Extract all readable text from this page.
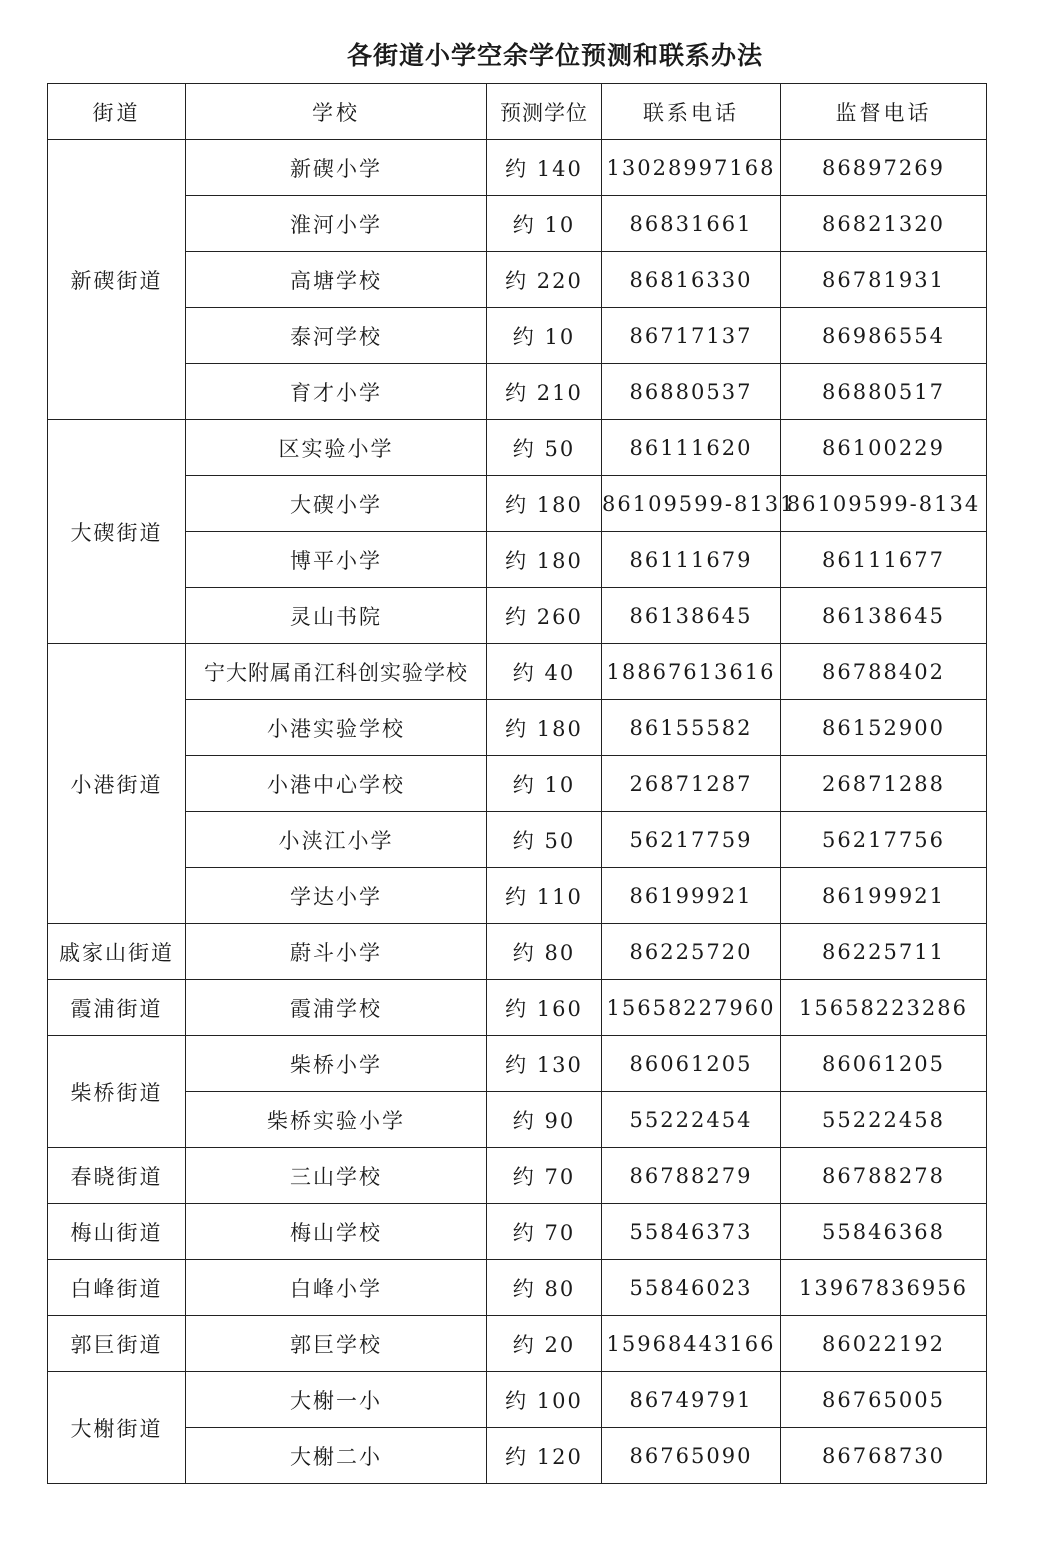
各街道小学空余学位预测和联系办法
街道	学校	预测学位	联系电话	监督电话
新碶街道	新碶小学	约 140	13028997168	86897269
	淮河小学	约 10	86831661	86821320
	高塘学校	约 220	86816330	86781931
	泰河学校	约 10	86717137	86986554
	育才小学	约 210	86880537	86880517
大碶街道	区实验小学	约 50	86111620	86100229
	大碶小学	约 180	86109599-8131	86109599-8134
	博平小学	约 180	86111679	86111677
	灵山书院	约 260	86138645	86138645
小港街道	宁大附属甬江科创实验学校	约 40	18867613616	86788402
	小港实验学校	约 180	86155582	86152900
	小港中心学校	约 10	26871287	26871288
	小浃江小学	约 50	56217759	56217756
	学达小学	约 110	86199921	86199921
戚家山街道	蔚斗小学	约 80	86225720	86225711
霞浦街道	霞浦学校	约 160	15658227960	15658223286
柴桥街道	柴桥小学	约 130	86061205	86061205
	柴桥实验小学	约 90	55222454	55222458
春晓街道	三山学校	约 70	86788279	86788278
梅山街道	梅山学校	约 70	55846373	55846368
白峰街道	白峰小学	约 80	55846023	13967836956
郭巨街道	郭巨学校	约 20	15968443166	86022192
大榭街道	大榭一小	约 100	86749791	86765005
	大榭二小	约 120	86765090	86768730
